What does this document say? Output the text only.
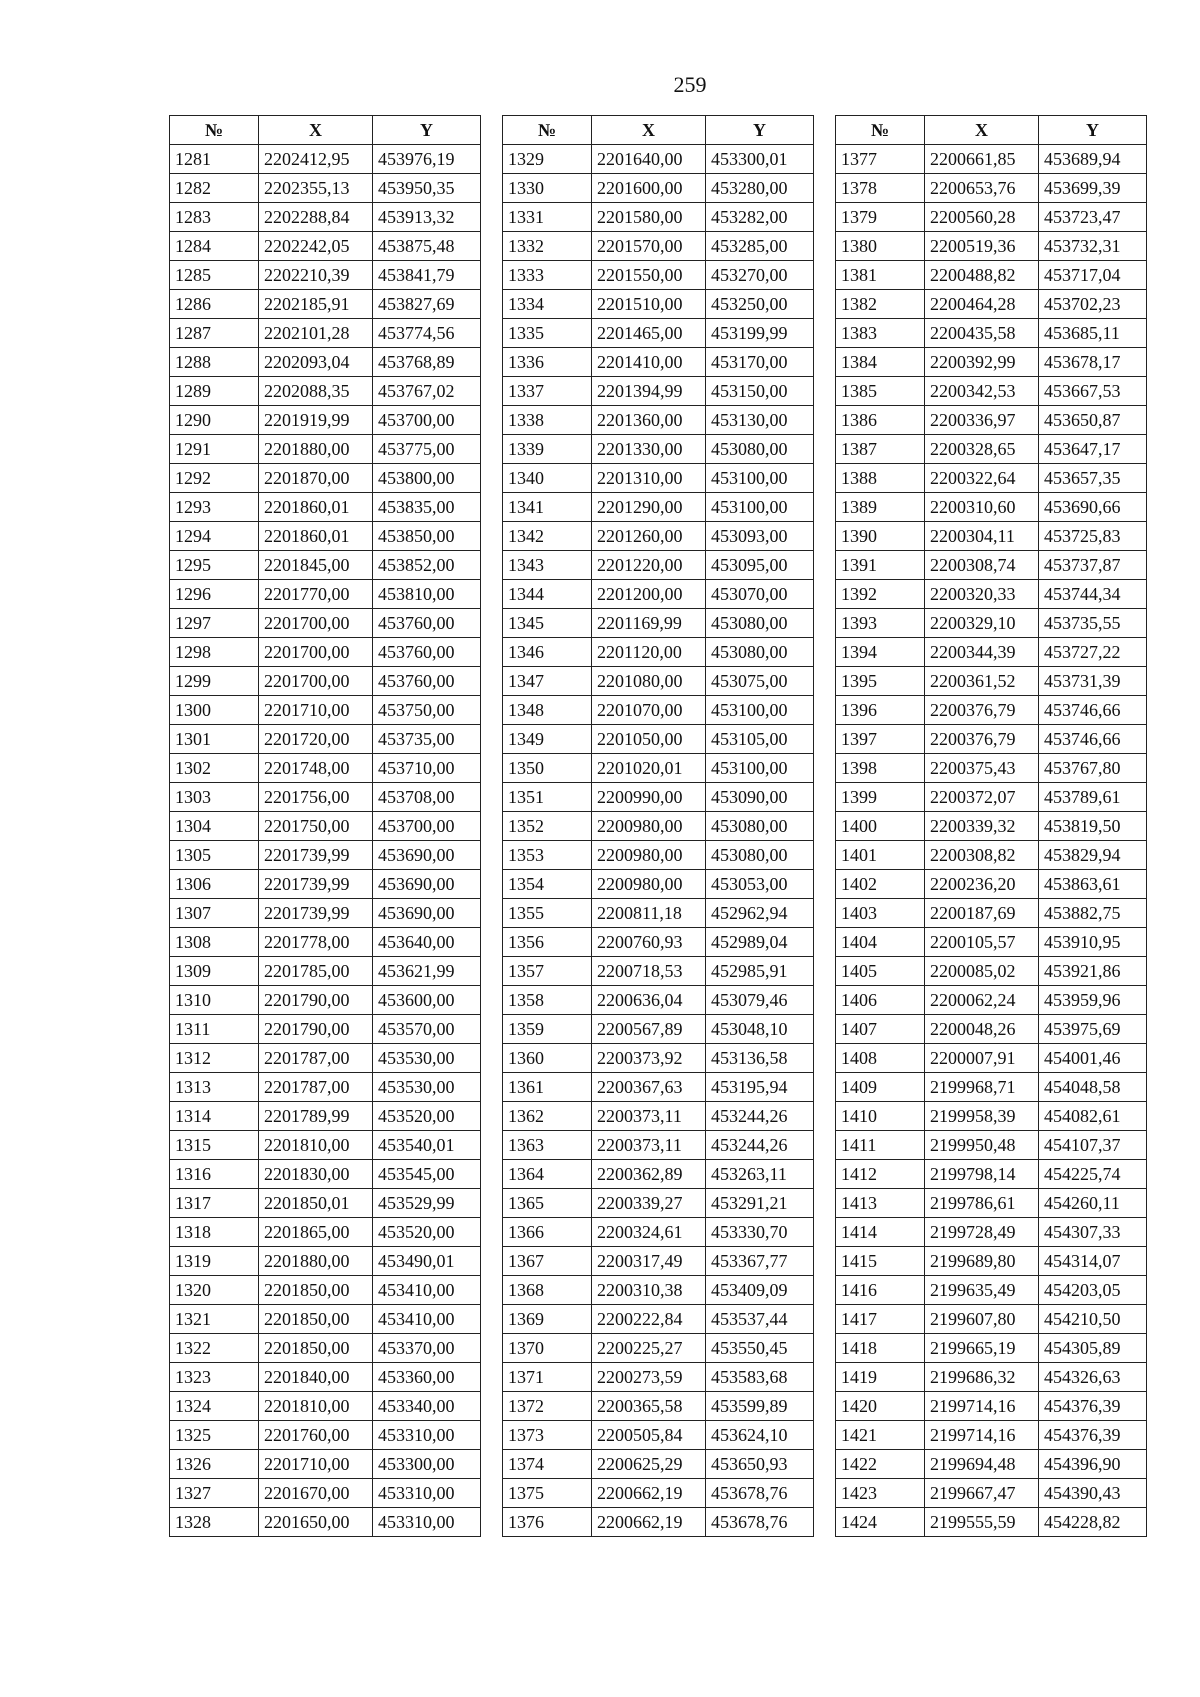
259
№	X	Y
1281	2202412,95	453976,19
1282	2202355,13	453950,35
1283	2202288,84	453913,32
1284	2202242,05	453875,48
1285	2202210,39	453841,79
1286	2202185,91	453827,69
1287	2202101,28	453774,56
1288	2202093,04	453768,89
1289	2202088,35	453767,02
1290	2201919,99	453700,00
1291	2201880,00	453775,00
1292	2201870,00	453800,00
1293	2201860,01	453835,00
1294	2201860,01	453850,00
1295	2201845,00	453852,00
1296	2201770,00	453810,00
1297	2201700,00	453760,00
1298	2201700,00	453760,00
1299	2201700,00	453760,00
1300	2201710,00	453750,00
1301	2201720,00	453735,00
1302	2201748,00	453710,00
1303	2201756,00	453708,00
1304	2201750,00	453700,00
1305	2201739,99	453690,00
1306	2201739,99	453690,00
1307	2201739,99	453690,00
1308	2201778,00	453640,00
1309	2201785,00	453621,99
1310	2201790,00	453600,00
1311	2201790,00	453570,00
1312	2201787,00	453530,00
1313	2201787,00	453530,00
1314	2201789,99	453520,00
1315	2201810,00	453540,01
1316	2201830,00	453545,00
1317	2201850,01	453529,99
1318	2201865,00	453520,00
1319	2201880,00	453490,01
1320	2201850,00	453410,00
1321	2201850,00	453410,00
1322	2201850,00	453370,00
1323	2201840,00	453360,00
1324	2201810,00	453340,00
1325	2201760,00	453310,00
1326	2201710,00	453300,00
1327	2201670,00	453310,00
1328	2201650,00	453310,00
№	X	Y
1329	2201640,00	453300,01
1330	2201600,00	453280,00
1331	2201580,00	453282,00
1332	2201570,00	453285,00
1333	2201550,00	453270,00
1334	2201510,00	453250,00
1335	2201465,00	453199,99
1336	2201410,00	453170,00
1337	2201394,99	453150,00
1338	2201360,00	453130,00
1339	2201330,00	453080,00
1340	2201310,00	453100,00
1341	2201290,00	453100,00
1342	2201260,00	453093,00
1343	2201220,00	453095,00
1344	2201200,00	453070,00
1345	2201169,99	453080,00
1346	2201120,00	453080,00
1347	2201080,00	453075,00
1348	2201070,00	453100,00
1349	2201050,00	453105,00
1350	2201020,01	453100,00
1351	2200990,00	453090,00
1352	2200980,00	453080,00
1353	2200980,00	453080,00
1354	2200980,00	453053,00
1355	2200811,18	452962,94
1356	2200760,93	452989,04
1357	2200718,53	452985,91
1358	2200636,04	453079,46
1359	2200567,89	453048,10
1360	2200373,92	453136,58
1361	2200367,63	453195,94
1362	2200373,11	453244,26
1363	2200373,11	453244,26
1364	2200362,89	453263,11
1365	2200339,27	453291,21
1366	2200324,61	453330,70
1367	2200317,49	453367,77
1368	2200310,38	453409,09
1369	2200222,84	453537,44
1370	2200225,27	453550,45
1371	2200273,59	453583,68
1372	2200365,58	453599,89
1373	2200505,84	453624,10
1374	2200625,29	453650,93
1375	2200662,19	453678,76
1376	2200662,19	453678,76
№	X	Y
1377	2200661,85	453689,94
1378	2200653,76	453699,39
1379	2200560,28	453723,47
1380	2200519,36	453732,31
1381	2200488,82	453717,04
1382	2200464,28	453702,23
1383	2200435,58	453685,11
1384	2200392,99	453678,17
1385	2200342,53	453667,53
1386	2200336,97	453650,87
1387	2200328,65	453647,17
1388	2200322,64	453657,35
1389	2200310,60	453690,66
1390	2200304,11	453725,83
1391	2200308,74	453737,87
1392	2200320,33	453744,34
1393	2200329,10	453735,55
1394	2200344,39	453727,22
1395	2200361,52	453731,39
1396	2200376,79	453746,66
1397	2200376,79	453746,66
1398	2200375,43	453767,80
1399	2200372,07	453789,61
1400	2200339,32	453819,50
1401	2200308,82	453829,94
1402	2200236,20	453863,61
1403	2200187,69	453882,75
1404	2200105,57	453910,95
1405	2200085,02	453921,86
1406	2200062,24	453959,96
1407	2200048,26	453975,69
1408	2200007,91	454001,46
1409	2199968,71	454048,58
1410	2199958,39	454082,61
1411	2199950,48	454107,37
1412	2199798,14	454225,74
1413	2199786,61	454260,11
1414	2199728,49	454307,33
1415	2199689,80	454314,07
1416	2199635,49	454203,05
1417	2199607,80	454210,50
1418	2199665,19	454305,89
1419	2199686,32	454326,63
1420	2199714,16	454376,39
1421	2199714,16	454376,39
1422	2199694,48	454396,90
1423	2199667,47	454390,43
1424	2199555,59	454228,82
